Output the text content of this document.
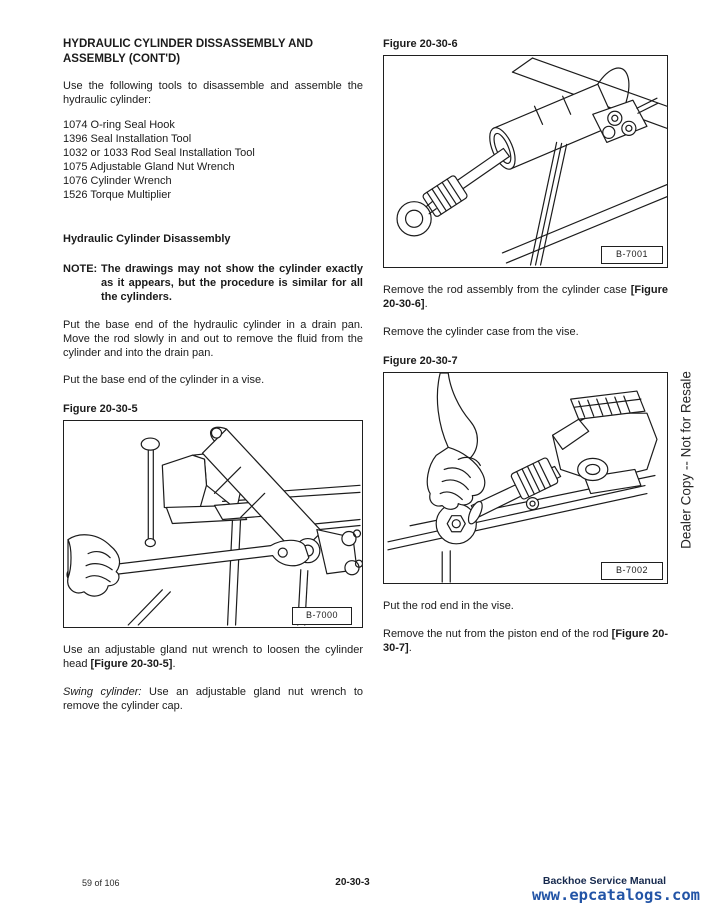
HYDRAULIC CYLINDER DISSASSEMBLY AND ASSEMBLY (CONT'D)

Use the following tools to disassemble and assemble the hydraulic cylinder:

1074 O-ring Seal Hook
1396 Seal Installation Tool
1032 or 1033 Rod Seal Installation Tool
1075 Adjustable Gland Nut Wrench
1076 Cylinder Wrench
1526 Torque Multiplier
Hydraulic Cylinder Disassembly
NOTE: The drawings may not show the cylinder exactly as it appears, but the procedure is similar for all the cylinders.

Put the base end of the hydraulic cylinder in a drain pan. Move the rod slowly in and out to remove the fluid from the cylinder and into the drain pan.

Put the base end of the cylinder in a vise.

Figure 20-30-5
B-7000

Use an adjustable gland nut wrench to loosen the cylinder head [Figure 20-30-5].

Swing cylinder: Use an adjustable gland nut wrench to remove the cylinder cap.

Figure 20-30-6
B-7001

Remove the rod assembly from the cylinder case [Figure 20-30-6].

Remove the cylinder case from the vise.

Figure 20-30-7
B-7002

Put the rod end in the vise.

Remove the nut from the piston end of the rod [Figure 20-30-7].

Dealer Copy -- Not for Resale
59 of 106	20-30-3	Backhoe Service Manual
www.epcatalogs.com
